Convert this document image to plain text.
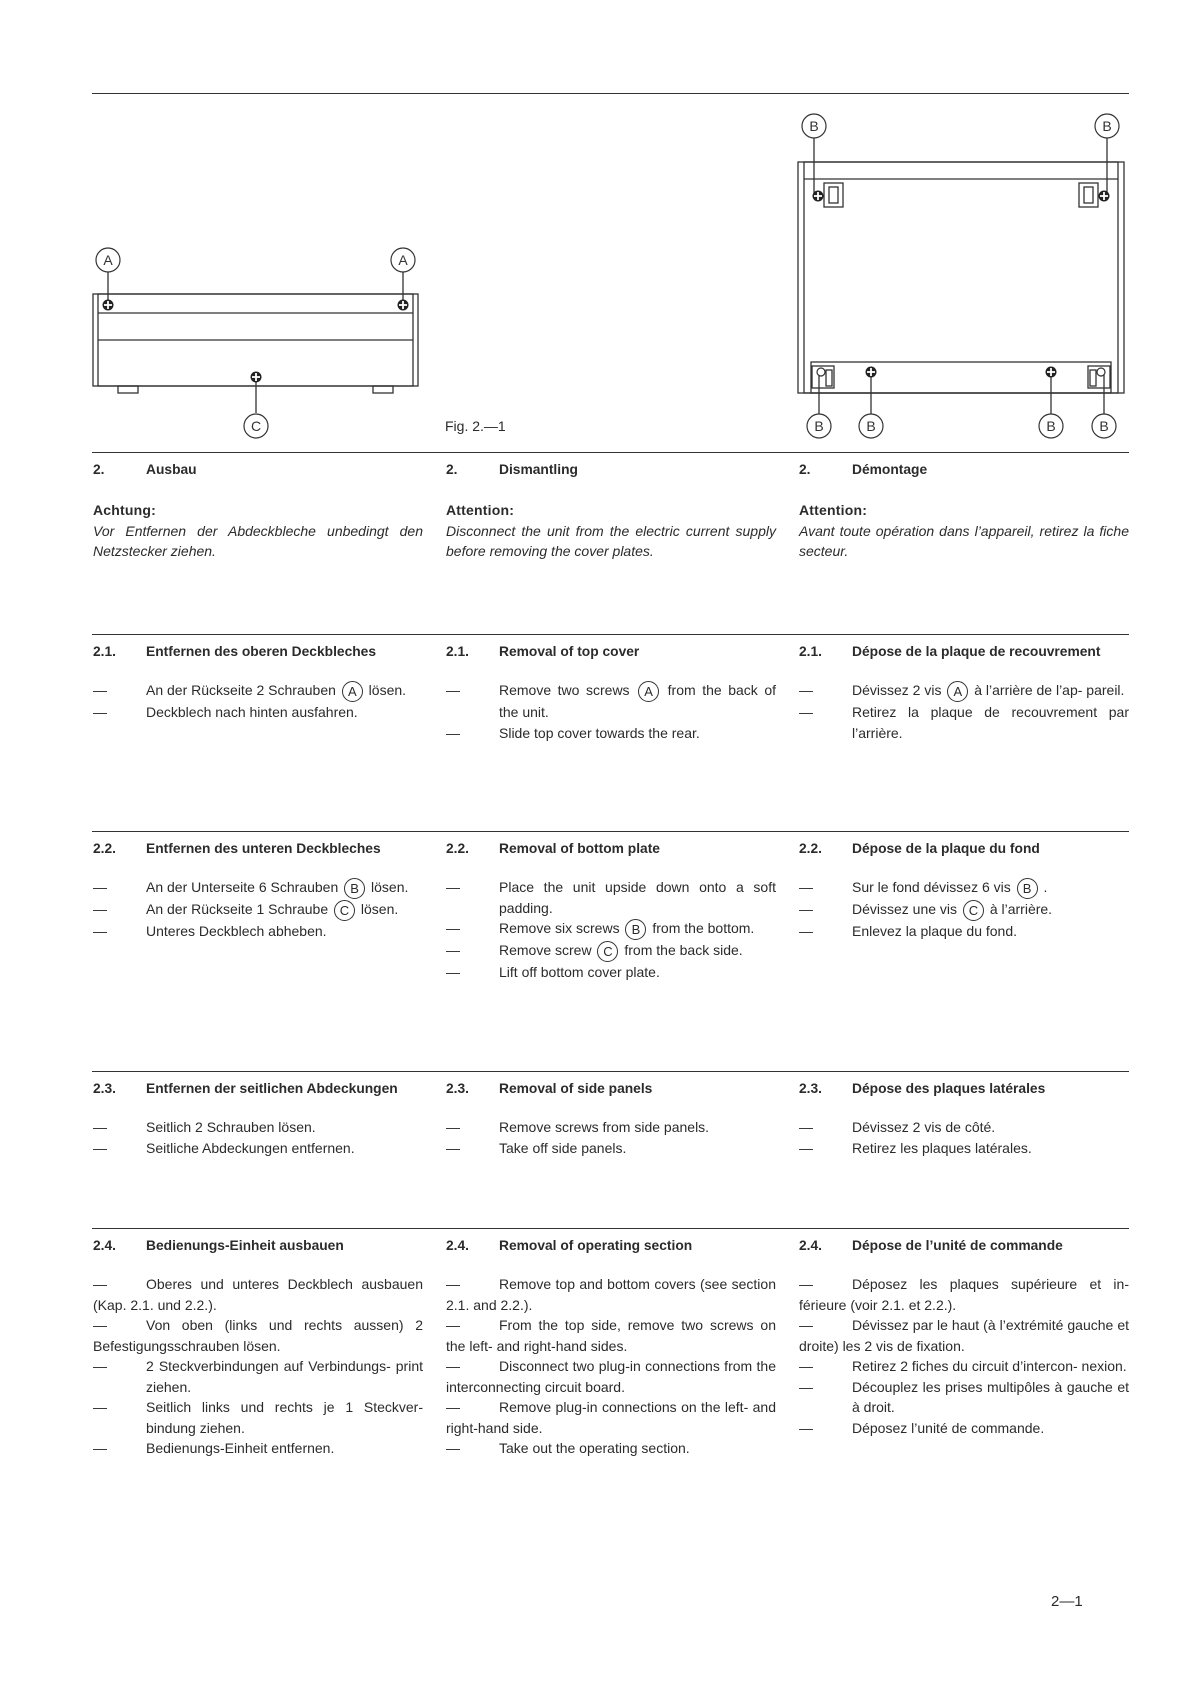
A	A
C
B	B
B	B	B	B
Fig. 2.—1
2.	Ausbau
Achtung:
Vor Entfernen der Abdeckbleche unbedingt den Netzstecker ziehen.
2.	Dismantling
Attention:
Disconnect the unit from the electric current supply before removing the cover plates.
2.	Démontage
Attention:
Avant toute opération dans l’appareil, retirez la fiche secteur.
2.1. Entfernen des oberen Deckbleches
—	An der Rückseite 2 Schrauben A lösen.
—	Deckblech nach hinten ausfahren.
2.1. Removal of top cover
—	Remove two screws A from the back of the unit.
—	Slide top cover towards the rear.
2.1. Dépose de la plaque de recouvrement
—	Dévissez 2 vis A à l’arrière de l’ap- pareil.
—	Retirez la plaque de recouvrement par l’arrière.
2.2. Entfernen des unteren Deckbleches
—	An der Unterseite 6 Schrauben B lösen.
—	An der Rückseite 1 Schraube C lösen.
—	Unteres Deckblech abheben.
2.2. Removal of bottom plate
—	Place the unit upside down onto a soft padding.
—	Remove six screws B from the bottom.
—	Remove screw C from the back side.
—	Lift off bottom cover plate.
2.2. Dépose de la plaque du fond
—	Sur le fond dévissez 6 vis B .
—	Dévissez une vis C à l’arrière.
—	Enlevez la plaque du fond.
2.3. Entfernen der seitlichen Abdeckungen
—	Seitlich 2 Schrauben lösen.
—	Seitliche Abdeckungen entfernen.
2.3. Removal of side panels
—	Remove screws from side panels.
—	Take off side panels.
2.3. Dépose des plaques latérales
—	Dévissez 2 vis de côté.
—	Retirez les plaques latérales.
2.4. Bedienungs-Einheit ausbauen
—	Oberes und unteres Deckblech ausbauen (Kap. 2.1. und 2.2.).
—	Von oben (links und rechts aussen) 2 Befestigungsschrauben lösen.
—	2 Steckverbindungen auf Verbindungs- print ziehen.
—	Seitlich links und rechts je 1 Steckver- bindung ziehen.
—	Bedienungs-Einheit entfernen.
2.4. Removal of operating section
—	Remove top and bottom covers (see section 2.1. and 2.2.).
—	From the top side, remove two screws on the left- and right-hand sides.
—	Disconnect two plug-in connections from the interconnecting circuit board.
—	Remove plug-in connections on the left- and right-hand side.
—	Take out the operating section.
2.4. Dépose de l’unité de commande
—	Déposez les plaques supérieure et in- férieure (voir 2.1. et 2.2.).
—	Dévissez par le haut (à l’extrémité gauche et droite) les 2 vis de fixation.
—	Retirez 2 fiches du circuit d’intercon- nexion.
—	Découplez les prises multipôles à gauche et à droit.
—	Déposez l’unité de commande.
2—1
